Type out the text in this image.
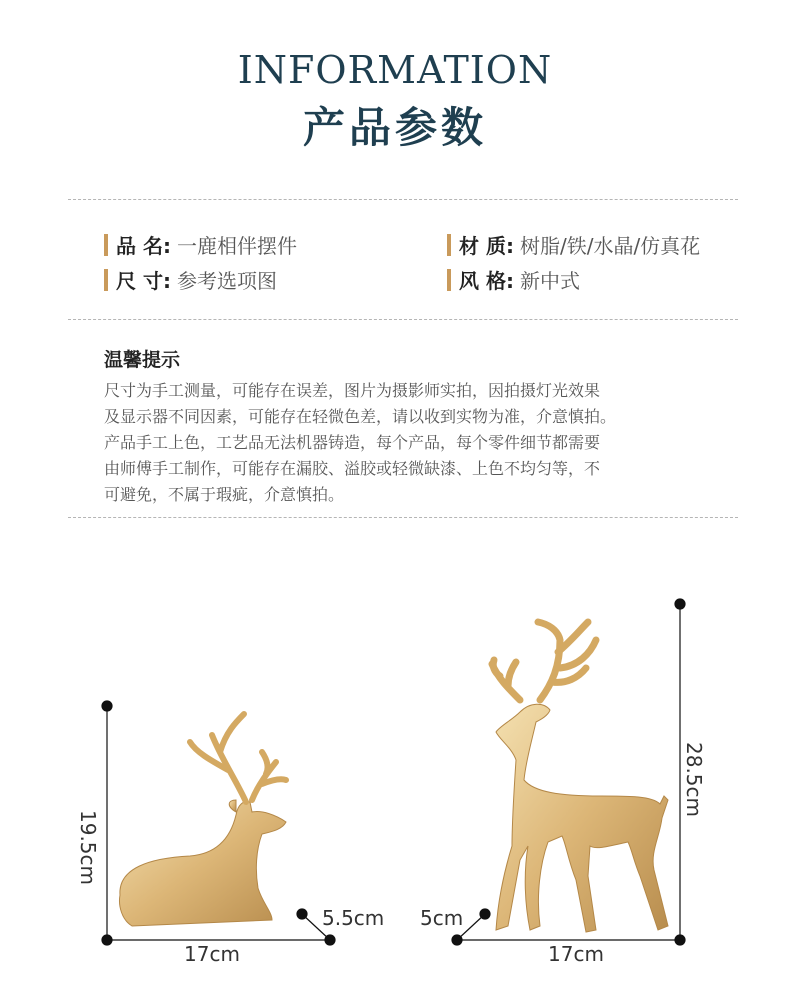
INFORMATION
产品参数
品 名: 一鹿相伴摆件	材 质: 树脂/铁/水晶/仿真花
尺 寸: 参考选项图	风 格: 新中式
温馨提示
尺寸为手工测量，可能存在误差，图片为摄影师实拍，因拍摄灯光效果
及显示器不同因素，可能存在轻微色差，请以收到实物为准，介意慎拍。
产品手工上色，工艺品无法机器铸造，每个产品，每个零件细节都需要
由师傅手工制作，可能存在漏胶、溢胶或轻微缺漆、上色不均匀等，不
可避免，不属于瑕疵，介意慎拍。
19.5cm
5.5cm
17cm
28.5cm
5cm
17cm
